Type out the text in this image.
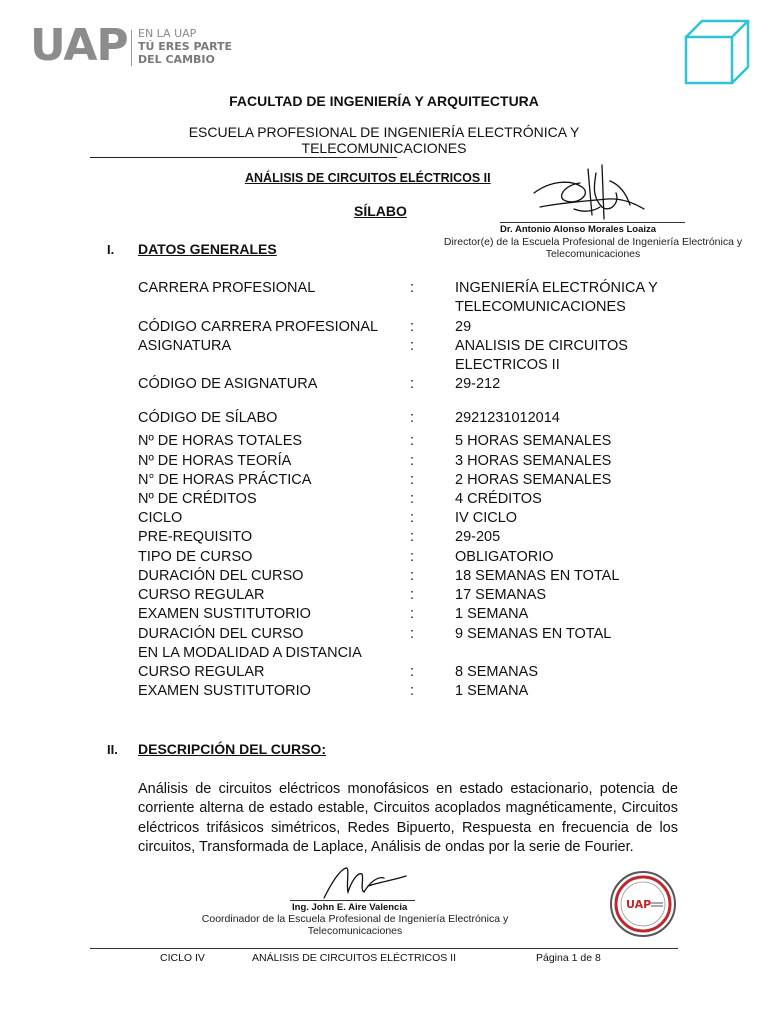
UAP EN LA UAP
TÚ ERES PARTE
DEL CAMBIO
FACULTAD DE INGENIERÍA Y ARQUITECTURA
ESCUELA PROFESIONAL DE INGENIERÍA ELECTRÓNICA Y
TELECOMUNICACIONES
ANÁLISIS DE CIRCUITOS ELÉCTRICOS II
SÍLABO
Dr. Antonio Alonso Morales Loaiza
Director(e) de la Escuela Profesional de Ingeniería Electrónica y
Telecomunicaciones
I. DATOS GENERALES
CARRERA PROFESIONAL	:	INGENIERÍA ELECTRÓNICA Y
TELECOMUNICACIONES
CÓDIGO CARRERA PROFESIONAL :	29
ASIGNATURA	:	ANALISIS DE CIRCUITOS
ELECTRICOS II
CÓDIGO DE ASIGNATURA	:	29-212
CÓDIGO DE SÍLABO	:	2921231012014
Nº DE HORAS TOTALES	:	5 HORAS SEMANALES
Nº DE HORAS TEORÍA	:	3 HORAS SEMANALES
N° DE HORAS PRÁCTICA	:	2 HORAS SEMANALES
Nº DE CRÉDITOS	:	4 CRÉDITOS
CICLO	:	IV CICLO
PRE-REQUISITO	:	29-205
TIPO DE CURSO	:	OBLIGATORIO
DURACIÓN DEL CURSO	:	18 SEMANAS EN TOTAL
CURSO REGULAR	:	17 SEMANAS
EXAMEN SUSTITUTORIO	:	1 SEMANA
DURACIÓN DEL CURSO	:	9 SEMANAS EN TOTAL
EN LA MODALIDAD A DISTANCIA
CURSO REGULAR	:	8 SEMANAS
EXAMEN SUSTITUTORIO	:	1 SEMANA
II. DESCRIPCIÓN DEL CURSO:
Análisis de circuitos eléctricos monofásicos en estado estacionario, potencia de corriente alterna de estado estable, Circuitos acoplados magnéticamente, Circuitos eléctricos trifásicos simétricos, Redes Bipuerto, Respuesta en frecuencia de los circuitos, Transformada de Laplace, Análisis de ondas por la serie de Fourier.
Ing. John E. Aire Valencia
Coordinador de la Escuela Profesional de Ingeniería Electrónica y
Telecomunicaciones
UAP
CICLO IV	ANÁLISIS DE CIRCUITOS ELÉCTRICOS II	Página 1 de 8
